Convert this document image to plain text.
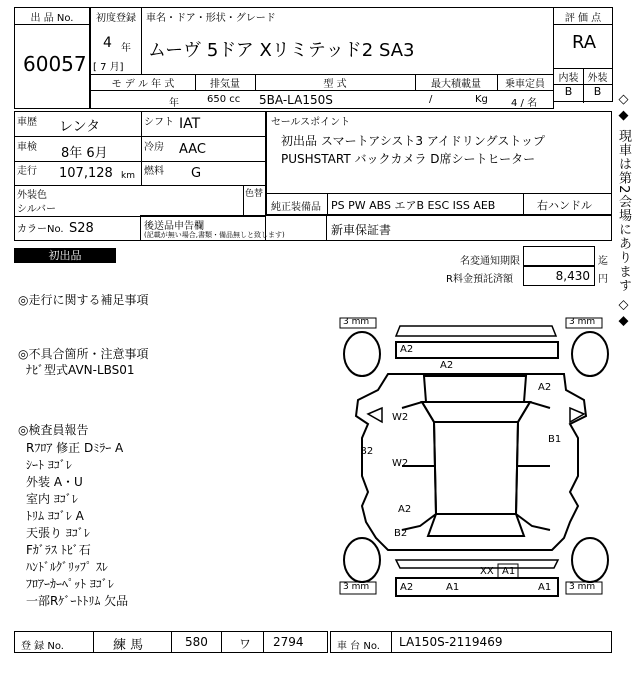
出 品 No.
60057
初度登録
4 年
[ 7 月]
車名・ドア・形状・グレード
ムーヴ 5ドア Xリミテッド2 SA3
評 価 点
RA
内装 外装
B	B
モ デ ル 年 式
年
排気量
650 cc
型 式
5BA-LA150S
最大積載量
/	Kg
乗車定員
4 / 名
車歴 レンタ	シフト IAT
車検 8年 6月	冷房 AAC
走行 107,128 km 燃料 G
外装色
シルバー
色替
カラーNo. S28	後送品申告欄
(記載が無い場合,書類・備品無しと致します)
セールスポイント
初出品 スマートアシスト3 アイドリングストップ
PUSHSTART バックカメラ D席シートヒーター
純正装備品 PS PW ABS エアB ESC ISS AEB	右ハンドル
新車保証書	◇◆ 現車は第2会場にあります ◇◆
初出品	名変通知期限	迄
R料金預託済額	8,430 円
◎走行に関する補足事項
◎不具合箇所・注意事項
ﾅﾋﾞ型式AVN-LBS01
◎検査員報告
Rﾌﾛｱ 修正 Dﾐﾗｰ A
ｼｰﾄ ﾖｺﾞﾚ
外装 A・U
室内 ﾖｺﾞﾚ
ﾄﾘﾑ ﾖｺﾞﾚ A
天張り ﾖｺﾞﾚ
Fｶﾞﾗｽ ﾄﾋﾞ石
ﾊﾝﾄﾞﾙｸﾞﾘｯﾌﾟ ｽﾚ
ﾌﾛｱｰｶｰﾍﾟｯﾄ ﾖｺﾞﾚ
一部Rｹﾞｰﾄﾄﾘﾑ 欠品
3 mm	3 mm
3 mm	3 mm
A2
A2
A2
W2
W2
B2
B1
A2
B2
XX A1
A2	A1	A1
登 録 No.	練 馬	580	ワ 2794	車 台 No. LA150S-2119469
